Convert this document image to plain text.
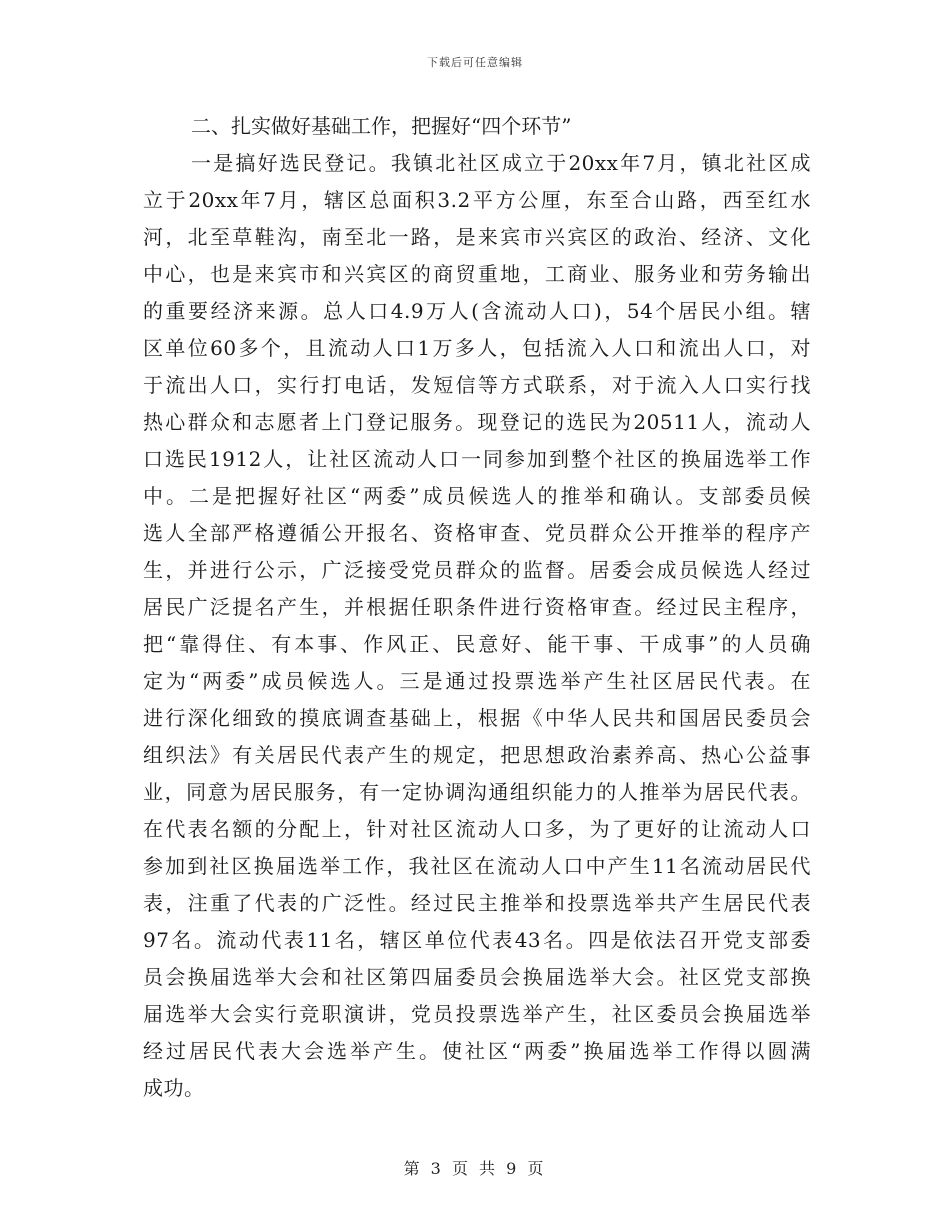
下载后可任意编辑

二、扎实做好基础工作，把握好“四个环节”

一是搞好选民登记。我镇北社区成立于20xx年7月，镇北社区成

立于20xx年7月，辖区总面积3.2平方公厘，东至合山路，西至红水

河，北至草鞋沟，南至北一路，是来宾市兴宾区的政治、经济、文化

中心，也是来宾市和兴宾区的商贸重地，工商业、服务业和劳务输出

的重要经济来源。总人口4.9万人(含流动人口)，54个居民小组。辖

区单位60多个，且流动人口1万多人，包括流入人口和流出人口，对

于流出人口，实行打电话，发短信等方式联系，对于流入人口实行找

热心群众和志愿者上门登记服务。现登记的选民为20511人，流动人

口选民1912人，让社区流动人口一同参加到整个社区的换届选举工作

中。二是把握好社区“两委”成员候选人的推举和确认。支部委员候

选人全部严格遵循公开报名、资格审查、党员群众公开推举的程序产

生，并进行公示，广泛接受党员群众的监督。居委会成员候选人经过

居民广泛提名产生，并根据任职条件进行资格审查。经过民主程序，

把“靠得住、有本事、作风正、民意好、能干事、干成事”的人员确

定为“两委”成员候选人。三是通过投票选举产生社区居民代表。在

进行深化细致的摸底调查基础上，根据《中华人民共和国居民委员会

组织法》有关居民代表产生的规定，把思想政治素养高、热心公益事

业，同意为居民服务，有一定协调沟通组织能力的人推举为居民代表。

在代表名额的分配上，针对社区流动人口多，为了更好的让流动人口

参加到社区换届选举工作，我社区在流动人口中产生11名流动居民代

表，注重了代表的广泛性。经过民主推举和投票选举共产生居民代表

97名。流动代表11名，辖区单位代表43名。四是依法召开党支部委

员会换届选举大会和社区第四届委员会换届选举大会。社区党支部换

届选举大会实行竞职演讲，党员投票选举产生，社区委员会换届选举

经过居民代表大会选举产生。使社区“两委”换届选举工作得以圆满

成功。

第 3 页 共 9 页
